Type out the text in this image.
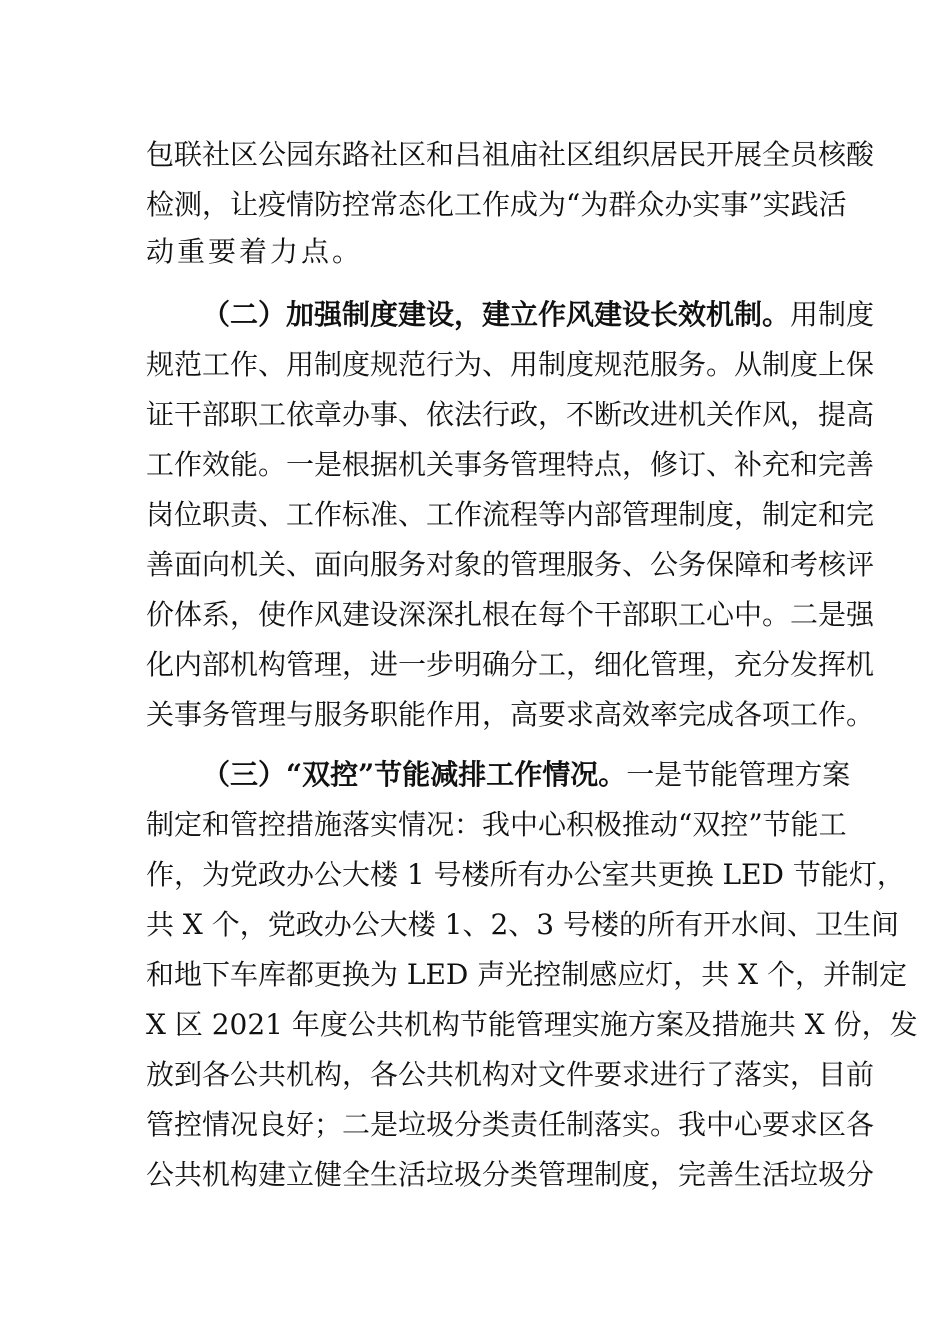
包联社区公园东路社区和吕祖庙社区组织居民开展全员核酸
检测，让疫情防控常态化工作成为“为群众办实事”实践活
动重要着力点。
（二）加强制度建设，建立作风建设长效机制。用制度
规范工作、用制度规范行为、用制度规范服务。从制度上保
证干部职工依章办事、依法行政，不断改进机关作风，提高
工作效能。一是根据机关事务管理特点，修订、补充和完善
岗位职责、工作标准、工作流程等内部管理制度，制定和完
善面向机关、面向服务对象的管理服务、公务保障和考核评
价体系，使作风建设深深扎根在每个干部职工心中。二是强
化内部机构管理，进一步明确分工，细化管理，充分发挥机
关事务管理与服务职能作用，高要求高效率完成各项工作。
（三）“双控”节能减排工作情况。一是节能管理方案
制定和管控措施落实情况：我中心积极推动“双控”节能工
作，为党政办公大楼 1 号楼所有办公室共更换 LED 节能灯，
共 X 个，党政办公大楼 1、2、3 号楼的所有开水间、卫生间
和地下车库都更换为 LED 声光控制感应灯，共 X 个，并制定
X 区 2021 年度公共机构节能管理实施方案及措施共 X 份，发
放到各公共机构，各公共机构对文件要求进行了落实，目前
管控情况良好；二是垃圾分类责任制落实。我中心要求区各
公共机构建立健全生活垃圾分类管理制度，完善生活垃圾分
